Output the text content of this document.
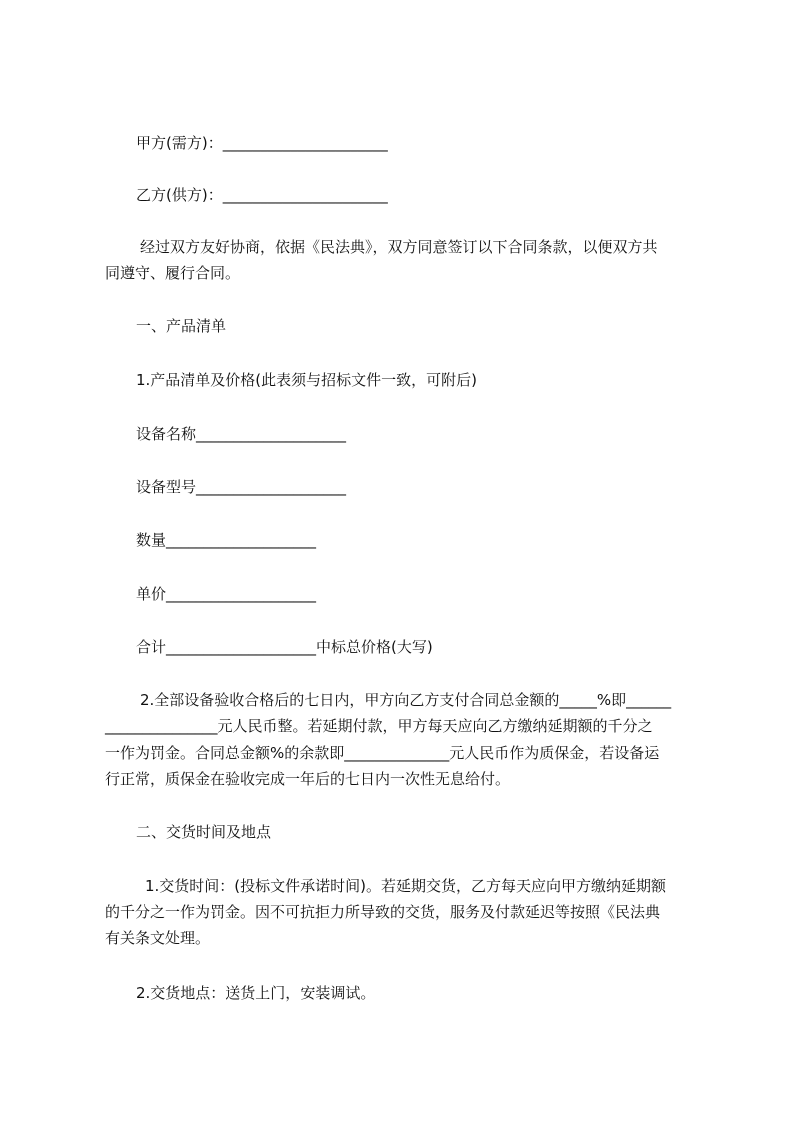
甲方(需方)：______________________
乙方(供方)：______________________
经过双方友好协商，依据《民法典》，双方同意签订以下合同条款，以便双方共
同遵守、履行合同。
一、产品清单
1.产品清单及价格(此表须与招标文件一致，可附后)
设备名称____________________
设备型号____________________
数量____________________
单价____________________
合计____________________中标总价格(大写)
2.全部设备验收合格后的七日内，甲方向乙方支付合同总金额的_____%即______
_______________元人民币整。若延期付款，甲方每天应向乙方缴纳延期额的千分之
一作为罚金。合同总金额%的余款即______________元人民币作为质保金，若设备运
行正常，质保金在验收完成一年后的七日内一次性无息给付。
二、交货时间及地点
1.交货时间：(投标文件承诺时间)。若延期交货，乙方每天应向甲方缴纳延期额
的千分之一作为罚金。因不可抗拒力所导致的交货，服务及付款延迟等按照《民法典
有关条文处理。
2.交货地点：送货上门，安装调试。
